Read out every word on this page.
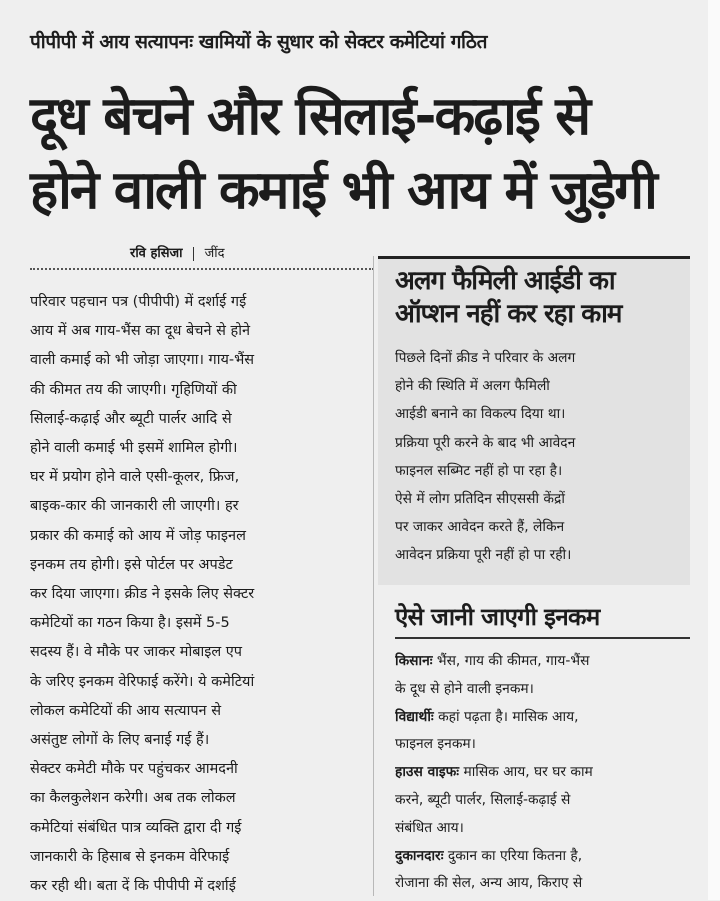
पीपीपी में आय सत्यापनः खामियों के सुधार को सेक्टर कमेटियां गठित
दूध बेचने और सिलाई-कढ़ाई से
होने वाली कमाई भी आय में जुड़ेगी
रवि हसिजा जींद
परिवार पहचान पत्र (पीपीपी) में दर्शाई गई
आय में अब गाय-भैंस का दूध बेचने से होने
वाली कमाई को भी जोड़ा जाएगा। गाय-भैंस
की कीमत तय की जाएगी। गृहिणियों की
सिलाई-कढ़ाई और ब्यूटी पार्लर आदि से
होने वाली कमाई भी इसमें शामिल होगी।
घर में प्रयोग होने वाले एसी-कूलर, फ्रिज,
बाइक-कार की जानकारी ली जाएगी। हर
प्रकार की कमाई को आय में जोड़ फाइनल
इनकम तय होगी। इसे पोर्टल पर अपडेट
कर दिया जाएगा। क्रीड ने इसके लिए सेक्टर
कमेटियों का गठन किया है। इसमें 5-5
सदस्य हैं। वे मौके पर जाकर मोबाइल एप
के जरिए इनकम वेरिफाई करेंगे। ये कमेटियां
लोकल कमेटियों की आय सत्यापन से
असंतुष्ट लोगों के लिए बनाई गई हैं।
सेक्टर कमेटी मौके पर पहुंचकर आमदनी
का कैलकुलेशन करेगी। अब तक लोकल
कमेटियां संबंधित पात्र व्यक्ति द्वारा दी गई
जानकारी के हिसाब से इनकम वेरिफाई
कर रही थी। बता दें कि पीपीपी में दर्शाई
अलग फैमिली आईडी का
ऑप्शन नहीं कर रहा काम
पिछले दिनों क्रीड ने परिवार के अलग
होने की स्थिति में अलग फैमिली
आईडी बनाने का विकल्प दिया था।
प्रक्रिया पूरी करने के बाद भी आवेदन
फाइनल सब्मिट नहीं हो पा रहा है।
ऐसे में लोग प्रतिदिन सीएससी केंद्रों
पर जाकर आवेदन करते हैं, लेकिन
आवेदन प्रक्रिया पूरी नहीं हो पा रही।
ऐसे जानी जाएगी इनकम
किसानः भैंस, गाय की कीमत, गाय-भैंस
के दूध से होने वाली इनकम।
विद्यार्थीः कहां पढ़ता है। मासिक आय,
फाइनल इनकम।
हाउस वाइफः मासिक आय, घर घर काम
करने, ब्यूटी पार्लर, सिलाई-कढ़ाई से
संबंधित आय।
दुकानदारः दुकान का एरिया कितना है,
रोजाना की सेल, अन्य आय, किराए से
